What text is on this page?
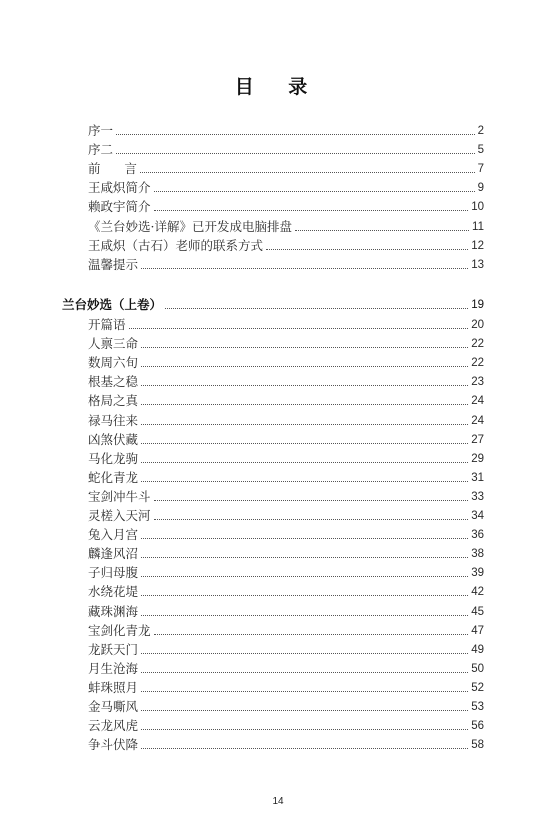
目 录
序一	2
序二	5
前      言	7
王咸炽简介	9
赖政宇简介	10
《兰台妙选·详解》已开发成电脑排盘	11
王咸炽（古石）老师的联系方式	12
温馨提示	13
兰台妙选（上卷）	19
开篇语	20
人禀三命	22
数周六旬	22
根基之稳	23
格局之真	24
禄马往来	24
凶煞伏藏	27
马化龙驹	29
蛇化青龙	31
宝剑冲牛斗	33
灵槎入天河	34
兔入月宫	36
麟逢风沼	38
子归母腹	39
水绕花堤	42
藏珠渊海	45
宝剑化青龙	47
龙跃天门	49
月生沧海	50
蚌珠照月	52
金马嘶风	53
云龙风虎	56
争斗伏降	58
14
